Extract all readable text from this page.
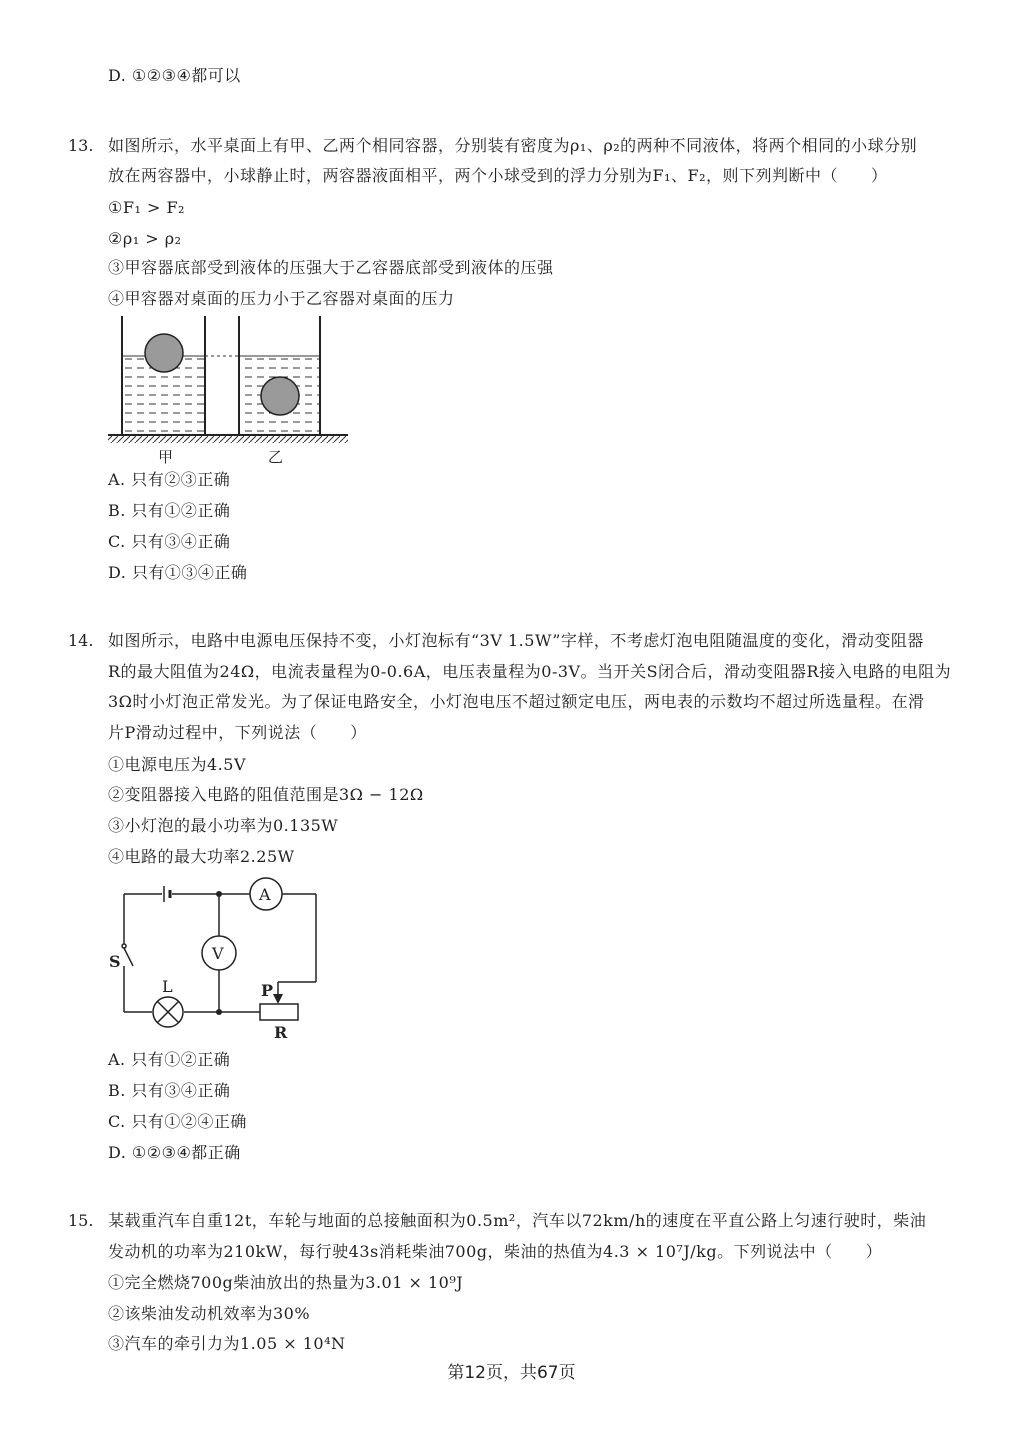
D. ①②③④都可以
13. 如图所示，水平桌面上有甲、乙两个相同容器，分别装有密度为ρ₁、ρ₂的两种不同液体，将两个相同的小球分别
放在两容器中，小球静止时，两容器液面相平，两个小球受到的浮力分别为F₁、F₂，则下列判断中（　　）
①F₁ > F₂
②ρ₁ > ρ₂
③甲容器底部受到液体的压强大于乙容器底部受到液体的压强
④甲容器对桌面的压力小于乙容器对桌面的压力
甲	乙
A. 只有②③正确
B. 只有①②正确
C. 只有③④正确
D. 只有①③④正确
14. 如图所示，电路中电源电压保持不变，小灯泡标有“3V 1.5W”字样，不考虑灯泡电阻随温度的变化，滑动变阻器
R的最大阻值为24Ω，电流表量程为0-0.6A，电压表量程为0-3V。当开关S闭合后，滑动变阻器R接入电路的电阻为
3Ω时小灯泡正常发光。为了保证电路安全，小灯泡电压不超过额定电压，两电表的示数均不超过所选量程。在滑
片P滑动过程中，下列说法（　　）
①电源电压为4.5V
②变阻器接入电路的阻值范围是3Ω − 12Ω
③小灯泡的最小功率为0.135W
④电路的最大功率2.25W
S
A
V
L	P
R
A. 只有①②正确
B. 只有③④正确
C. 只有①②④正确
D. ①②③④都正确
15. 某载重汽车自重12t，车轮与地面的总接触面积为0.5m²，汽车以72km/h的速度在平直公路上匀速行驶时，柴油
发动机的功率为210kW，每行驶43s消耗柴油700g，柴油的热值为4.3 × 10⁷J/kg。下列说法中（　　）
①完全燃烧700g柴油放出的热量为3.01 × 10⁹J
②该柴油发动机效率为30%
③汽车的牵引力为1.05 × 10⁴N
第12页，共67页
